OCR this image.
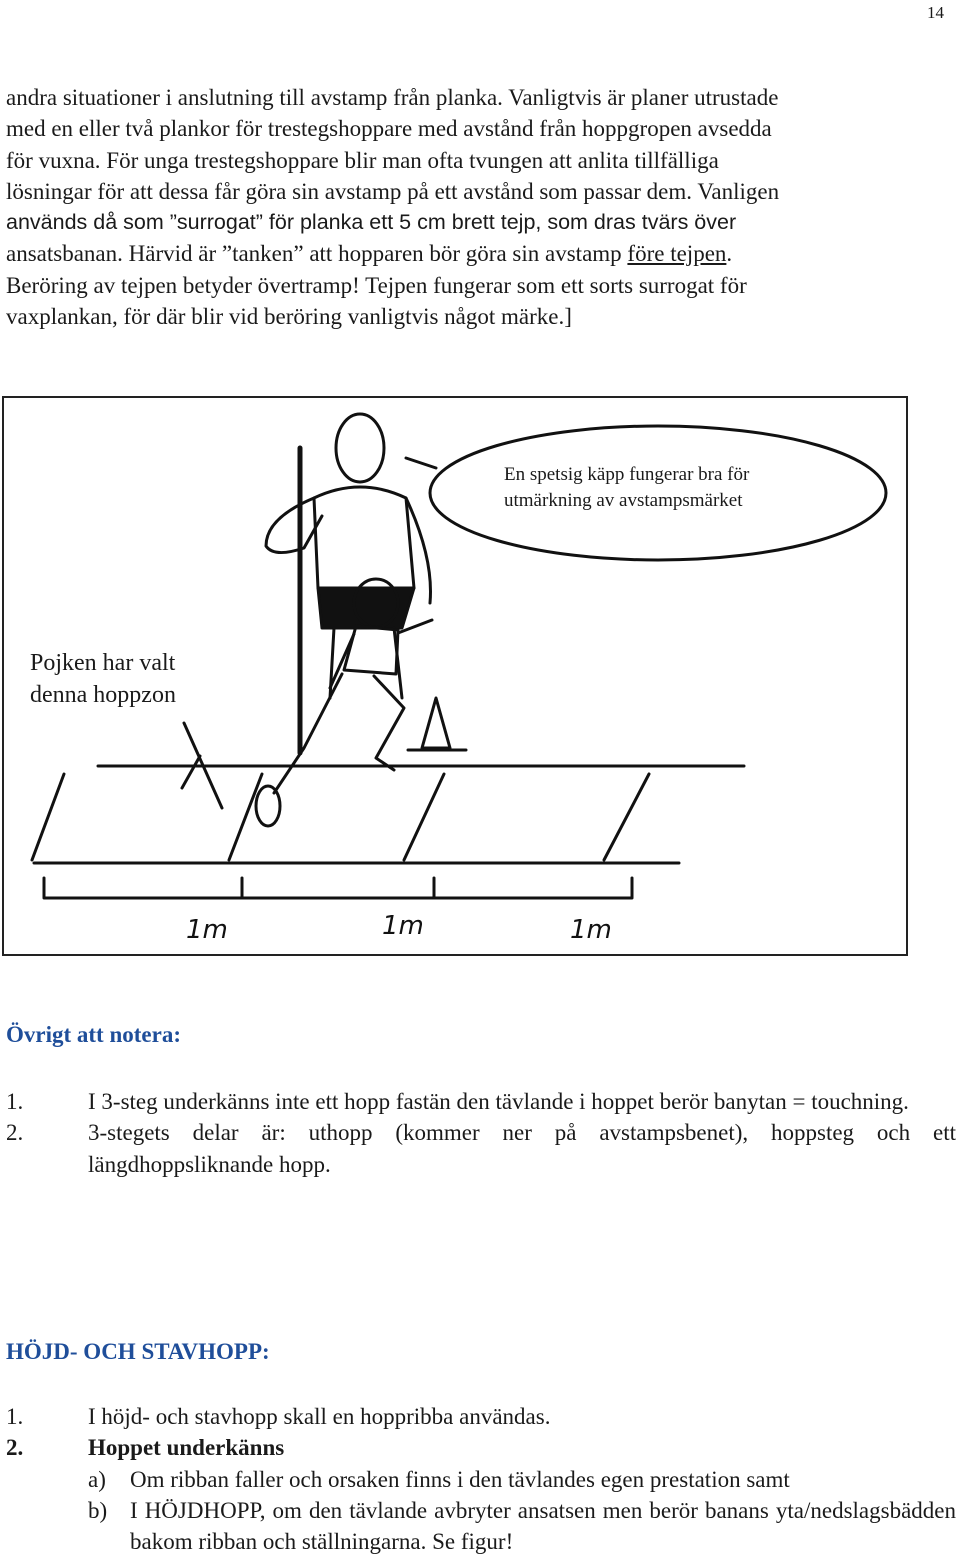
14
andra situationer i anslutning till avstamp från planka. Vanligtvis är planer utrustade
med en eller två plankor för trestegshoppare med avstånd från hoppgropen avsedda
för vuxna. För unga trestegshoppare blir man ofta tvungen att anlita tillfälliga
lösningar för att dessa får göra sin avstamp på ett avstånd som passar dem. Vanligen
används då som ”surrogat” för planka ett 5 cm brett tejp, som dras tvärs över
ansatsbanan. Härvid är ”tanken” att hopparen bör göra sin avstamp före tejpen.
Beröring av tejpen betyder övertramp! Tejpen fungerar som ett sorts surrogat för
vaxplankan, för där blir vid beröring vanligtvis något märke.]
1m	1m	1m
En spetsig käpp fungerar bra för
utmärkning av avstampsmärket
Pojken har valt
denna hoppzon
Övrigt att notera:
1.	I 3-steg underkänns inte ett hopp fastän den tävlande i hoppet berör banytan = touchning.
2.	3-stegets delar är: uthopp (kommer ner på avstampsbenet), hoppsteg och ett längdhoppsliknande hopp.
HÖJD- OCH STAVHOPP:
1.	I höjd- och stavhopp skall en hoppribba användas.
2.	Hoppet underkänns
a) Om ribban faller och orsaken finns i den tävlandes egen prestation samt
b) I HÖJDHOPP, om den tävlande avbryter ansatsen men berör banans yta/nedslagsbädden bakom ribban och ställningarna. Se figur!
